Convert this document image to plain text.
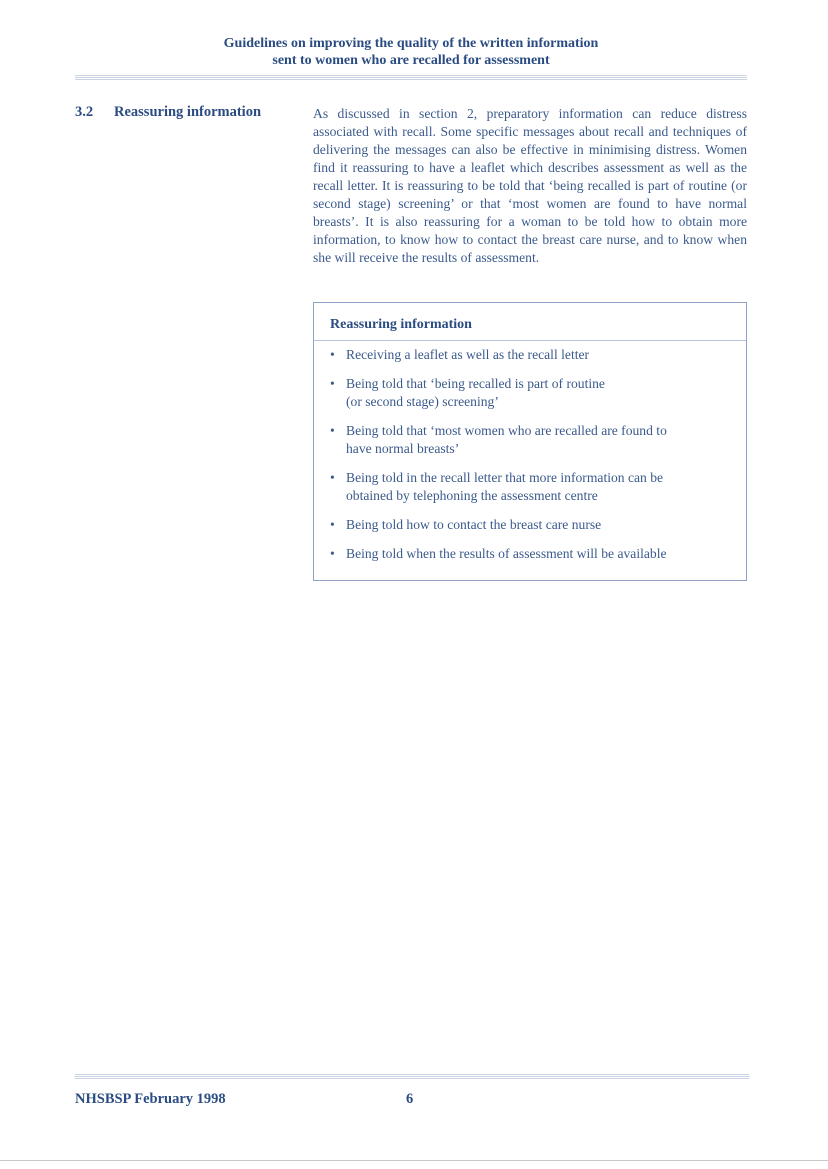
Guidelines on improving the quality of the written information
sent to women who are recalled for assessment
3.2 Reassuring information	As discussed in section 2, preparatory information can reduce distress associated with recall. Some specific messages about recall and techniques of delivering the messages can also be effective in minimising distress. Women find it reassuring to have a leaflet which describes assessment as well as the recall letter. It is reassuring to be told that ‘being recalled is part of routine (or second stage) screening’ or that ‘most women are found to have normal breasts’. It is also reassuring for a woman to be told how to obtain more information, to know how to contact the breast care nurse, and to know when she will receive the results of assessment.

Reassuring information
• Receiving a leaflet as well as the recall letter
• Being told that ‘being recalled is part of routine
(or second stage) screening’
• Being told that ‘most women who are recalled are found to
have normal breasts’
• Being told in the recall letter that more information can be
obtained by telephoning the assessment centre
• Being told how to contact the breast care nurse
• Being told when the results of assessment will be available
NHSBSP February 1998	6
